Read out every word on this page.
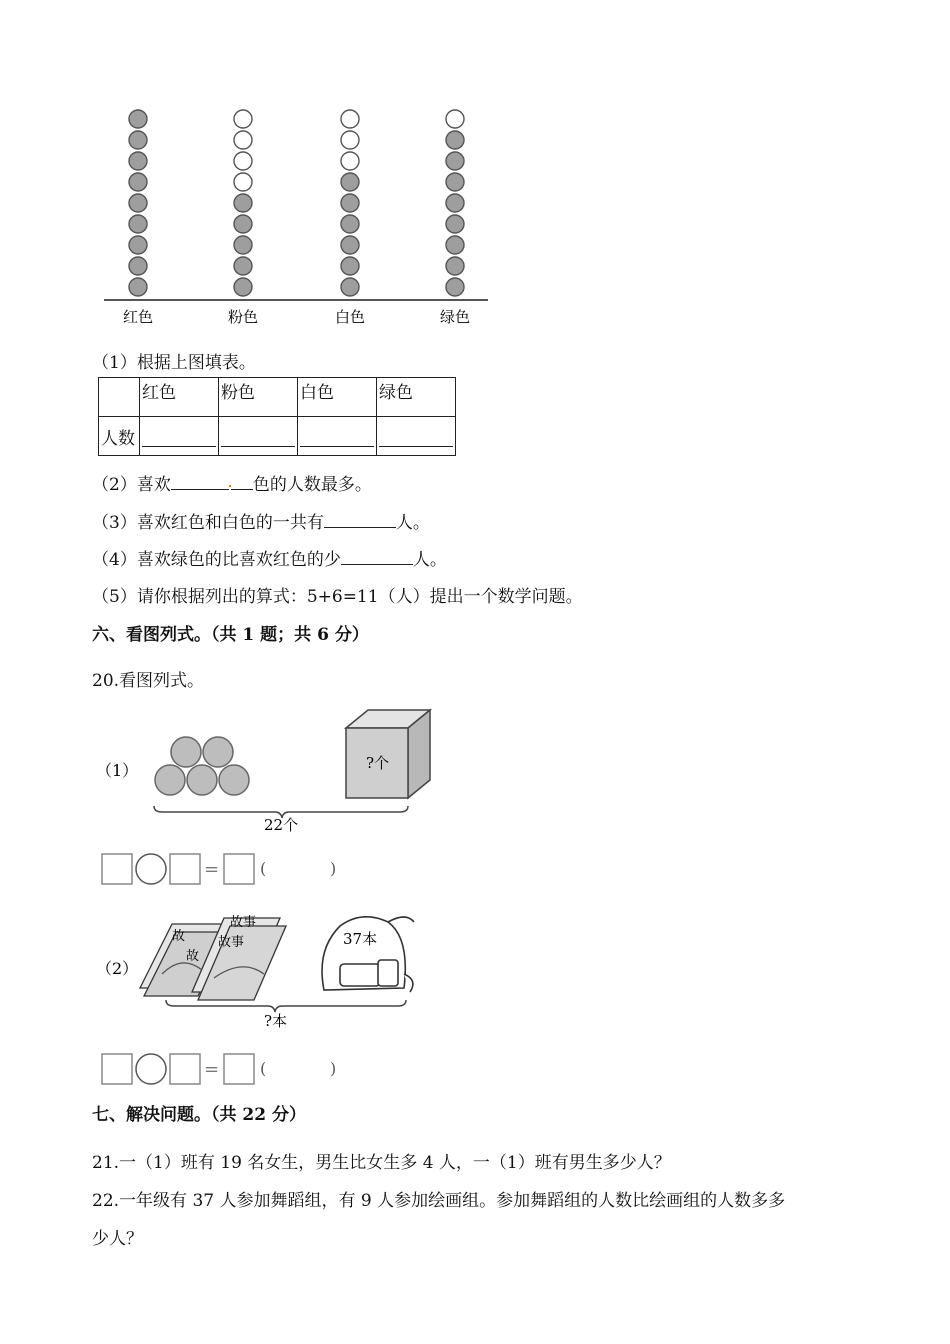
红色	粉色	白色	绿色
（1）根据上图填表。
	红色	粉色	白色	绿色
人数	

（2）喜欢	色的人数最多。
（3）喜欢红色和白色的一共有	人。
（4）喜欢绿色的比喜欢红色的少	人。
（5）请你根据列出的算式：5+6=11（人）提出一个数学问题。
六、看图列式。（共 1 题；共 6 分）
20.看图列式。
（1）	?个
22个
=	(	)
（2）
故事
故	故事
故
37本
?本
=	(	)
七、解决问题。（共 22 分）
21.一（1）班有 19 名女生，男生比女生多 4 人，一（1）班有男生多少人？
22.一年级有 37 人参加舞蹈组，有 9 人参加绘画组。参加舞蹈组的人数比绘画组的人数多多
少人？
